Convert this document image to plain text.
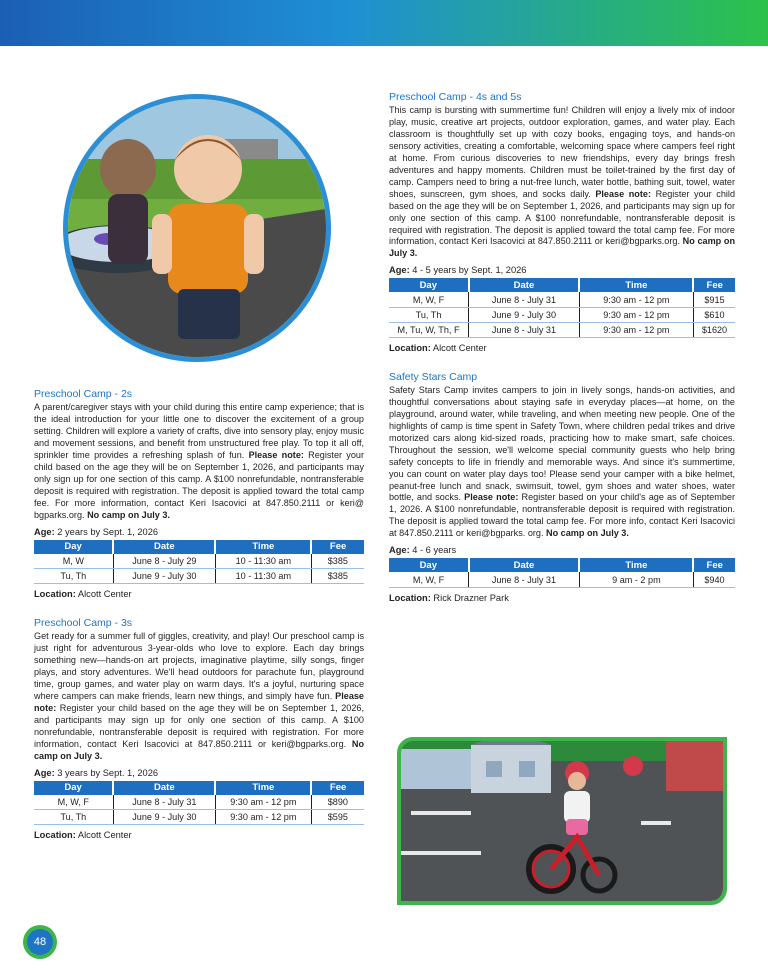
Preschool Camp - 2s

A parent/caregiver stays with your child during this entire camp experience; that is the ideal introduction for your little one to discover the excitement of a group setting. Children will explore a variety of crafts, dive into sensory play, enjoy music and movement sessions, and benefit from unstructured free play. To top it all off, sprinkler time provides a refreshing splash of fun. Please note: Register your child based on the age they will be on September 1, 2026, and participants may only sign up for one section of this camp. A $100 nonrefundable, nontransferable deposit is required with registration. The deposit is applied toward the total camp fee. For more information, contact Keri Isacovici at 847.850.2111 or keri@ bgparks.org. No camp on July 3.

Age: 2 years by Sept. 1, 2026
Day	Date	Time	Fee
M, W	June 8 - July 29	10 - 11:30 am	$385
Tu, Th	June 9 - July 30	10 - 11:30 am	$385
Location: Alcott Center
Preschool Camp - 3s

Get ready for a summer full of giggles, creativity, and play! Our preschool camp is just right for adventurous 3-year-olds who love to explore. Each day brings something new—hands-on art projects, imaginative playtime, silly songs, finger plays, and story adventures. We'll head outdoors for parachute fun, playground time, group games, and water play on warm days. It's a joyful, nurturing space where campers can make friends, learn new things, and simply have fun. Please note: Register your child based on the age they will be on September 1, 2026, and participants may sign up for only one section of this camp. A $100 nonrefundable, nontransferable deposit is required with registration. For more information, contact Keri Isacovici at 847.850.2111 or keri@bgparks.org. No camp on July 3.

Age: 3 years by Sept. 1, 2026
Day	Date	Time	Fee
M, W, F	June 8 - July 31	9:30 am - 12 pm	$890
Tu, Th	June 9 - July 30	9:30 am - 12 pm	$595
Location: Alcott Center
Preschool Camp - 4s and 5s

This camp is bursting with summertime fun! Children will enjoy a lively mix of indoor play, music, creative art projects, outdoor exploration, games, and water play. Each classroom is thoughtfully set up with cozy books, engaging toys, and hands-on sensory activities, creating a comfortable, welcoming space where campers feel right at home. From curious discoveries to new friendships, every day brings fresh adventures and happy moments. Children must be toilet-trained by the first day of camp. Campers need to bring a nut-free lunch, water bottle, bathing suit, towel, water shoes, sunscreen, gym shoes, and socks daily. Please note: Register your child based on the age they will be on September 1, 2026, and participants may sign up for only one section of this camp. A $100 nonrefundable, nontransferable deposit is required with registration. The deposit is applied toward the total camp fee. For more information, contact Keri Isacovici at 847.850.2111 or keri@bgparks.org. No camp on July 3.

Age: 4 - 5 years by Sept. 1, 2026
Day	Date	Time	Fee
M, W, F	June 8 - July 31	9:30 am - 12 pm	$915
Tu, Th	June 9 - July 30	9:30 am - 12 pm	$610
M, Tu, W, Th, F	June 8 - July 31	9:30 am - 12 pm	$1620
Location: Alcott Center
Safety Stars Camp

Safety Stars Camp invites campers to join in lively songs, hands-on activities, and thoughtful conversations about staying safe in everyday places—at home, on the playground, around water, while traveling, and when meeting new people. One of the highlights of camp is time spent in Safety Town, where children pedal trikes and drive motorized cars along kid-sized roads, practicing how to make smart, safe choices. Throughout the session, we'll welcome special community guests who help bring safety concepts to life in friendly and memorable ways. And since it's summertime, you can count on water play days too! Please send your camper with a bike helmet, peanut-free lunch and snack, swimsuit, towel, gym shoes and water shoes, water bottle, and socks. Please note: Register based on your child's age as of September 1, 2026. A $100 nonrefundable, nontransferable deposit is required with registration. The deposit is applied toward the total camp fee. For more info, contact Keri Isacovici at 847.850.2111 or keri@bgparks. org. No camp on July 3.

Age: 4 - 6 years
Day	Date	Time	Fee
M, W, F	June 8 - July 31	9 am - 2 pm	$940
Location: Rick Drazner Park
48
